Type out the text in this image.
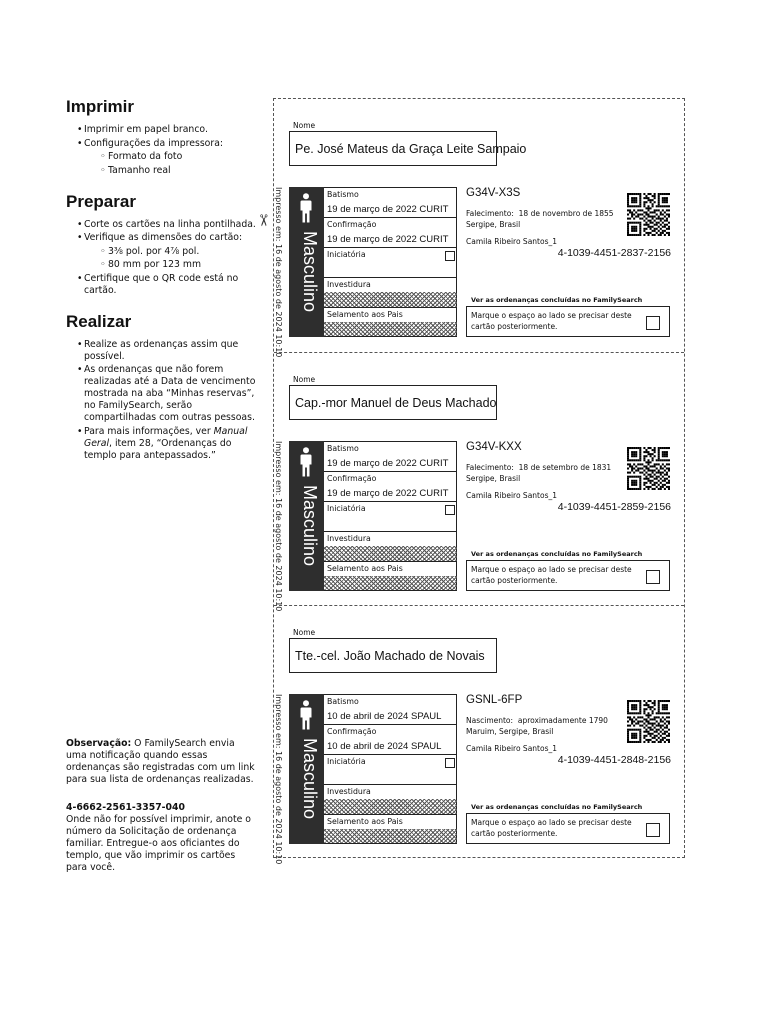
Imprimir
• Imprimir em papel branco.
• Configurações da impressora:
◦ Formato da foto
◦ Tamanho real
Preparar
• Corte os cartões na linha pontilhada.
• Verifique as dimensões do cartão:
◦ 3⅜ pol. por 4⅞ pol.
◦ 80 mm por 123 mm
• Certifique que o QR code está no cartão.
Realizar
• Realize as ordenanças assim que possível.
• As ordenanças que não forem realizadas até a Data de vencimento mostrada na aba “Minhas reservas”, no FamilySearch, serão compartilhadas com outras pessoas.
• Para mais informações, ver Manual Geral, item 28, “Ordenanças do templo para antepassados.”
Observação: O FamilySearch envia uma notificação quando essas ordenanças são registradas com um link para sua lista de ordenanças realizadas.
4-6662-2561-3357-040
Onde não for possível imprimir, anote o número da Solicitação de ordenança familiar. Entregue-o aos oficiantes do templo, que vão imprimir os cartões para você.
Nome
Pe. José Mateus da Graça Leite Sampaio
Impresso em: 16 de agosto de 2024 10:10 Masculino
Batismo
19 de março de 2022 CURIT
Confirmação
19 de março de 2022 CURIT
Iniciatória
Investidura
Selamento aos Pais
G34V-X3S
Falecimento: 18 de novembro de 1855
Sergipe, Brasil
Camila Ribeiro Santos_1
4-1039-4451-2837-2156
Ver as ordenanças concluídas no FamilySearch
Marque o espaço ao lado se precisar deste cartão posteriormente.
Nome
Cap.-mor Manuel de Deus Machado
Impresso em: 16 de agosto de 2024 10:10 Masculino
Batismo
19 de março de 2022 CURIT
Confirmação
19 de março de 2022 CURIT
Iniciatória
Investidura
Selamento aos Pais
G34V-KXX
Falecimento: 18 de setembro de 1831
Sergipe, Brasil
Camila Ribeiro Santos_1
4-1039-4451-2859-2156
Ver as ordenanças concluídas no FamilySearch
Marque o espaço ao lado se precisar deste cartão posteriormente.
Nome
Tte.-cel. João Machado de Novais
Impresso em: 16 de agosto de 2024 10:10 Masculino
Batismo
10 de abril de 2024 SPAUL
Confirmação
10 de abril de 2024 SPAUL
Iniciatória
Investidura
Selamento aos Pais
GSNL-6FP
Nascimento: aproximadamente 1790
Maruim, Sergipe, Brasil
Camila Ribeiro Santos_1
4-1039-4451-2848-2156
Ver as ordenanças concluídas no FamilySearch
Marque o espaço ao lado se precisar deste cartão posteriormente.
✂
